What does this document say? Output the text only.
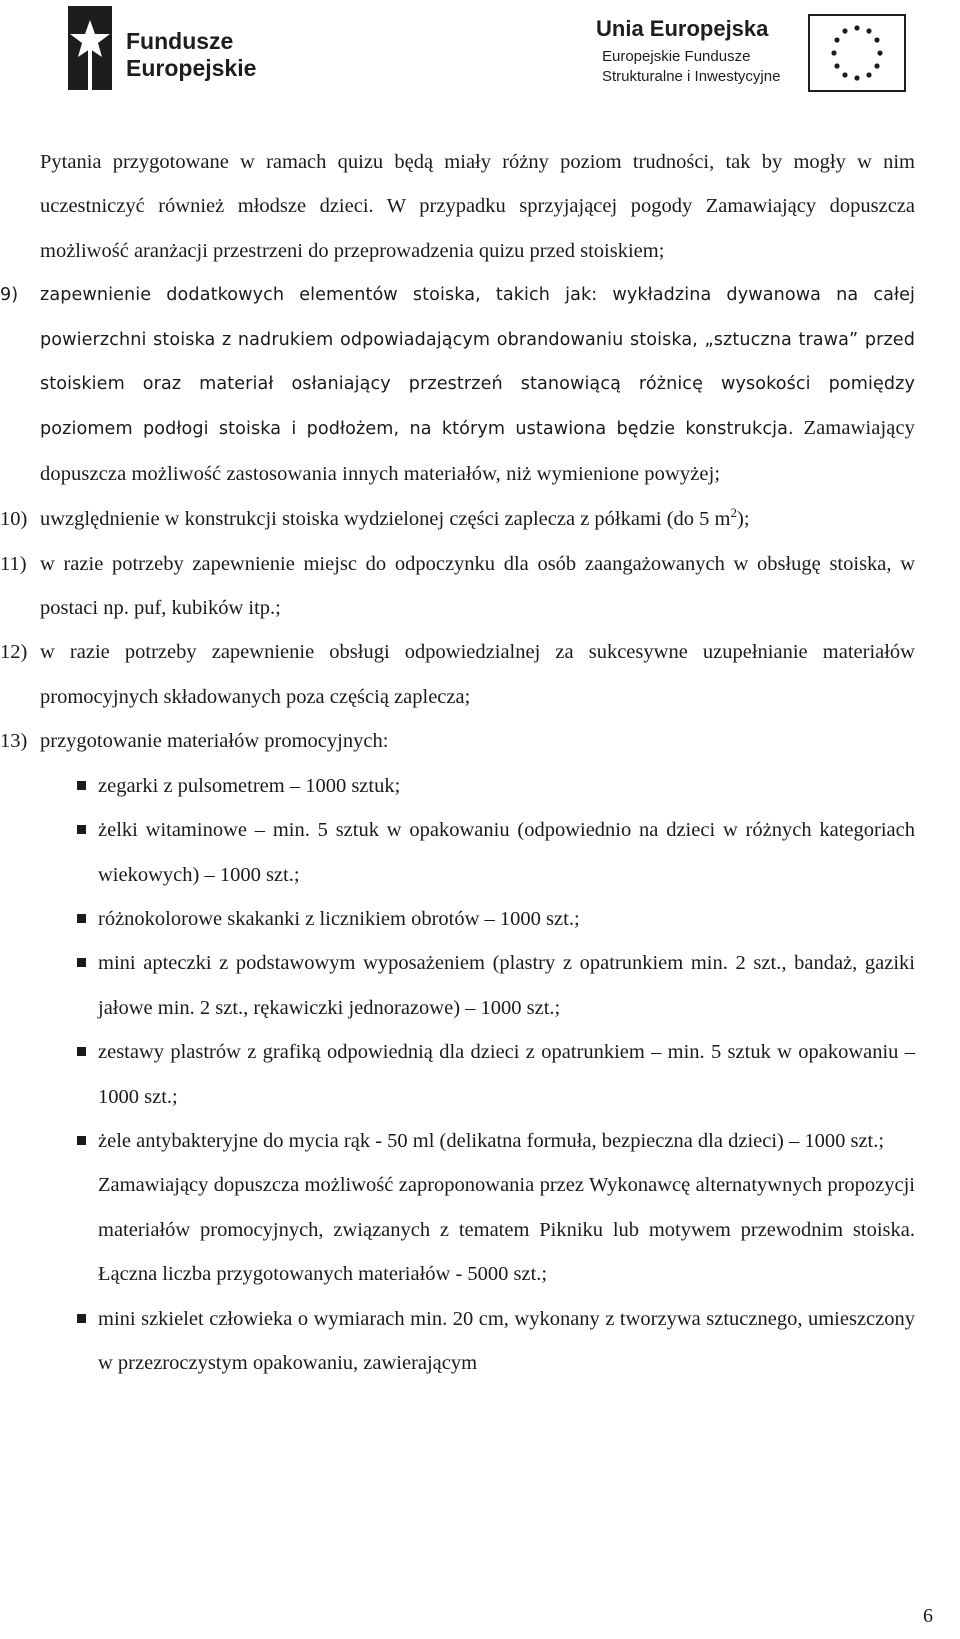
Fundusze
Europejskie
Unia Europejska
Europejskie Fundusze
Strukturalne i Inwestycyjne

Pytania przygotowane w ramach quizu będą miały różny poziom trudności, tak by mogły w nim uczestniczyć również młodsze dzieci. W przypadku sprzyjającej pogody Zamawiający dopuszcza możliwość aranżacji przestrzeni do przeprowadzenia quizu przed stoiskiem;

9) zapewnienie dodatkowych elementów stoiska, takich jak: wykładzina dywanowa na całej powierzchni stoiska z nadrukiem odpowiadającym obrandowaniu stoiska, „sztuczna trawa” przed stoiskiem oraz materiał osłaniający przestrzeń stanowiącą różnicę wysokości pomiędzy poziomem podłogi stoiska i podłożem, na którym ustawiona będzie konstrukcja. Zamawiający dopuszcza możliwość zastosowania innych materiałów, niż wymienione powyżej;
10) uwzględnienie w konstrukcji stoiska wydzielonej części zaplecza z półkami (do 5 $m^2$);
11) w razie potrzeby zapewnienie miejsc do odpoczynku dla osób zaangażowanych w obsługę stoiska, w postaci np. puf, kubików itp.;
12) w razie potrzeby zapewnienie obsługi odpowiedzialnej za sukcesywne uzupełnianie materiałów promocyjnych składowanych poza częścią zaplecza;
13) przygotowanie materiałów promocyjnych:
zegarki z pulsometrem – 1000 sztuk;
żelki witaminowe – min. 5 sztuk w opakowaniu (odpowiednio na dzieci w różnych kategoriach wiekowych) – 1000 szt.;
różnokolorowe skakanki z licznikiem obrotów – 1000 szt.;
mini apteczki z podstawowym wyposażeniem (plastry z opatrunkiem min. 2 szt., bandaż, gaziki jałowe min. 2 szt., rękawiczki jednorazowe) – 1000 szt.;
zestawy plastrów z grafiką odpowiednią dla dzieci z opatrunkiem – min. 5 sztuk w opakowaniu – 1000 szt.;
żele antybakteryjne do mycia rąk - 50 ml (delikatna formuła, bezpieczna dla dzieci) – 1000 szt.;

Zamawiający dopuszcza możliwość zaproponowania przez Wykonawcę alternatywnych propozycji materiałów promocyjnych, związanych z tematem Pikniku lub motywem przewodnim stoiska. Łączna liczba przygotowanych materiałów - 5000 szt.;

mini szkielet człowieka o wymiarach min. 20 cm, wykonany z tworzywa sztucznego, umieszczony w przezroczystym opakowaniu, zawierającym
6
